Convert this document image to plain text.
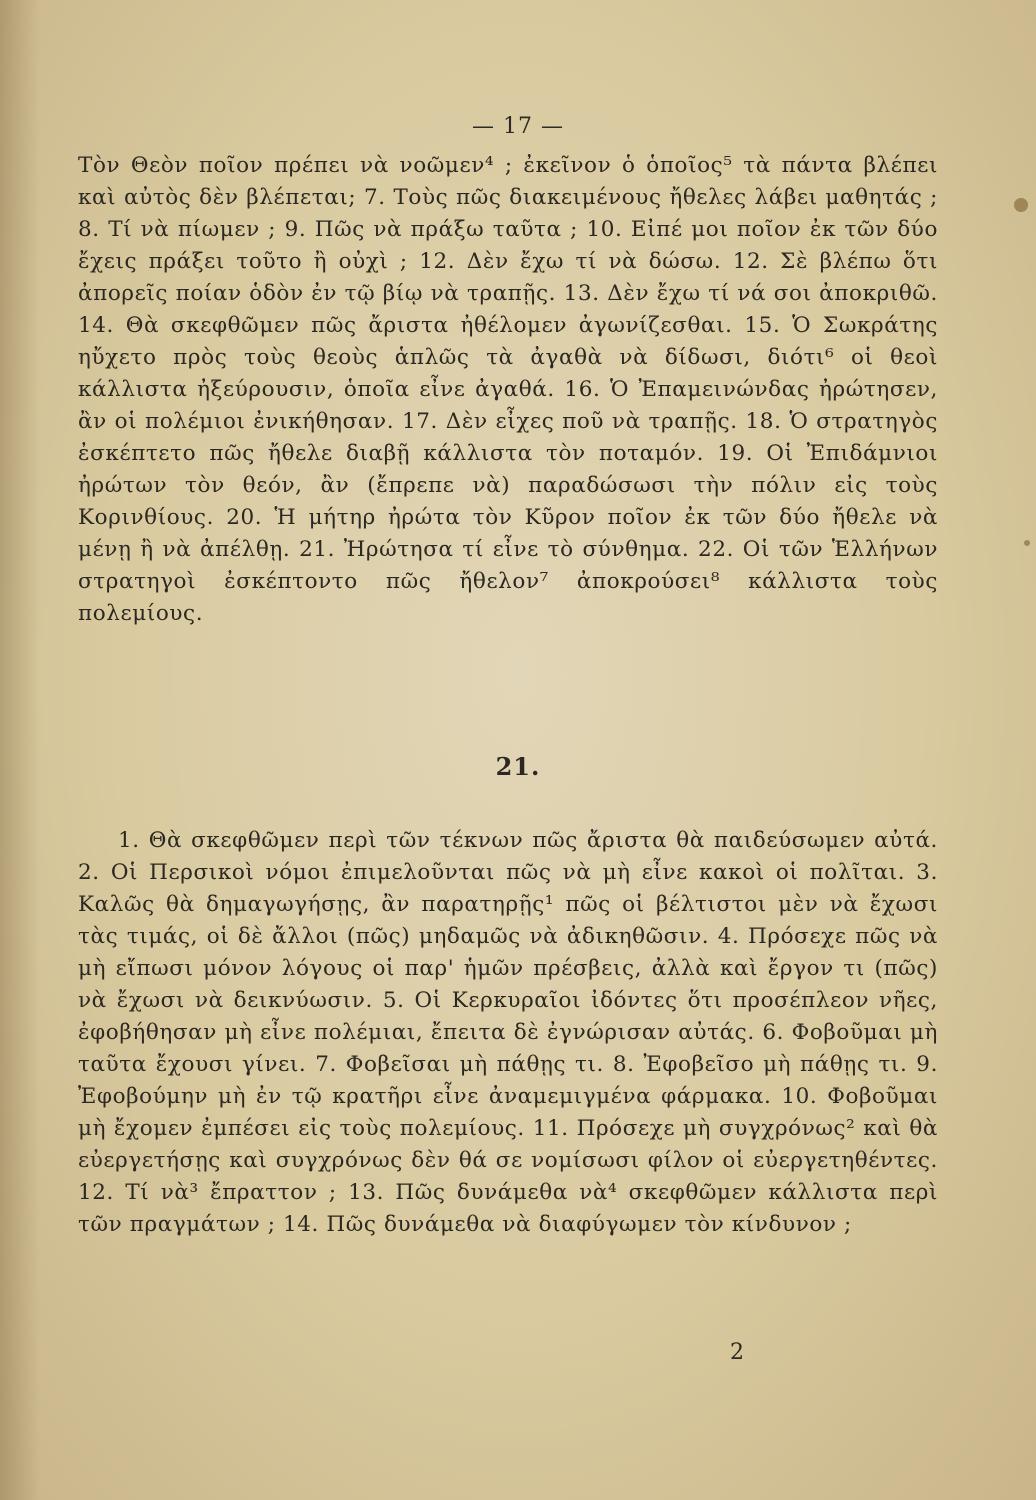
— 17 —

Τὸν Θεὸν ποῖον πρέπει νὰ νοῶμεν⁴ ; ἐκεῖνον ὁ ὁποῖος⁵ τὰ πάντα βλέπει καὶ αὐτὸς δὲν βλέπεται; 7. Τοὺς πῶς διακειμένους ἤθελες λάβει μαθητάς ; 8. Τί νὰ πίωμεν ; 9. Πῶς νὰ πράξω ταῦτα ; 10. Εἰπέ μοι ποῖον ἐκ τῶν δύο ἔχεις πράξει τοῦτο ἢ οὐχὶ ; 12. Δὲν ἔχω τί νὰ δώσω. 12. Σὲ βλέπω ὅτι ἀπορεῖς ποίαν ὁδὸν ἐν τῷ βίῳ νὰ τραπῇς. 13. Δὲν ἔχω τί νά σοι ἀποκριθῶ. 14. Θὰ σκεφθῶμεν πῶς ἄριστα ἠθέλομεν ἀγωνίζεσθαι. 15. Ὁ Σωκράτης ηὔχετο πρὸς τοὺς θεοὺς ἁπλῶς τὰ ἀγαθὰ νὰ δίδωσι, διότι⁶ οἱ θεοὶ κάλλιστα ἠξεύρουσιν, ὁποῖα εἶνε ἀγαθά. 16. Ὁ Ἐπαμεινώνδας ἠρώτησεν, ἂν οἱ πολέμιοι ἐνικήθησαν. 17. Δὲν εἶχες ποῦ νὰ τραπῇς. 18. Ὁ στρατηγὸς ἐσκέπτετο πῶς ἤθελε διαβῇ κάλλιστα τὸν ποταμόν. 19. Οἱ Ἐπιδάμνιοι ἠρώτων τὸν θεόν, ἂν (ἔπρεπε νὰ) παραδώσωσι τὴν πόλιν εἰς τοὺς Κορινθίους. 20. Ἡ μήτηρ ἠρώτα τὸν Κῦρον ποῖον ἐκ τῶν δύο ἤθελε νὰ μένῃ ἢ νὰ ἀπέλθῃ. 21. Ἠρώτησα τί εἶνε τὸ σύνθημα. 22. Οἱ τῶν Ἑλλήνων στρατηγοὶ ἐσκέπτοντο πῶς ἤθελον⁷ ἀποκρούσει⁸ κάλλιστα τοὺς πολεμίους.

21.

1. Θὰ σκεφθῶμεν περὶ τῶν τέκνων πῶς ἄριστα θὰ παιδεύσωμεν αὐτά. 2. Οἱ Περσικοὶ νόμοι ἐπιμελοῦνται πῶς νὰ μὴ εἶνε κακοὶ οἱ πολῖται. 3. Καλῶς θὰ δημαγωγήσῃς, ἂν παρατηρῇς¹ πῶς οἱ βέλτιστοι μὲν νὰ ἔχωσι τὰς τιμάς, οἱ δὲ ἄλλοι (πῶς) μηδαμῶς νὰ ἀδικηθῶσιν. 4. Πρόσεχε πῶς νὰ μὴ εἴπωσι μόνον λόγους οἱ παρ' ἡμῶν πρέσβεις, ἀλλὰ καὶ ἔργον τι (πῶς) νὰ ἔχωσι νὰ δεικνύωσιν. 5. Οἱ Κερκυραῖοι ἰδόντες ὅτι προσέπλεον νῆες, ἐφοβήθησαν μὴ εἶνε πολέμιαι, ἔπειτα δὲ ἐγνώρισαν αὐτάς. 6. Φοβοῦμαι μὴ ταῦτα ἔχουσι γίνει. 7. Φοβεῖσαι μὴ πάθῃς τι. 8. Ἐφοβεῖσο μὴ πάθῃς τι. 9. Ἐφοβούμην μὴ ἐν τῷ κρατῆρι εἶνε ἀναμεμιγμένα φάρμακα. 10. Φοβοῦμαι μὴ ἔχομεν ἐμπέσει εἰς τοὺς πολεμίους. 11. Πρόσεχε μὴ συγχρόνως² καὶ θὰ εὐεργετήσῃς καὶ συγχρόνως δὲν θά σε νομίσωσι φίλον οἱ εὐεργετηθέντες. 12. Τί νὰ³ ἔπραττον ; 13. Πῶς δυνάμεθα νὰ⁴ σκεφθῶμεν κάλλιστα περὶ τῶν πραγμάτων ; 14. Πῶς δυνάμεθα νὰ διαφύγωμεν τὸν κίνδυνον ;

2
